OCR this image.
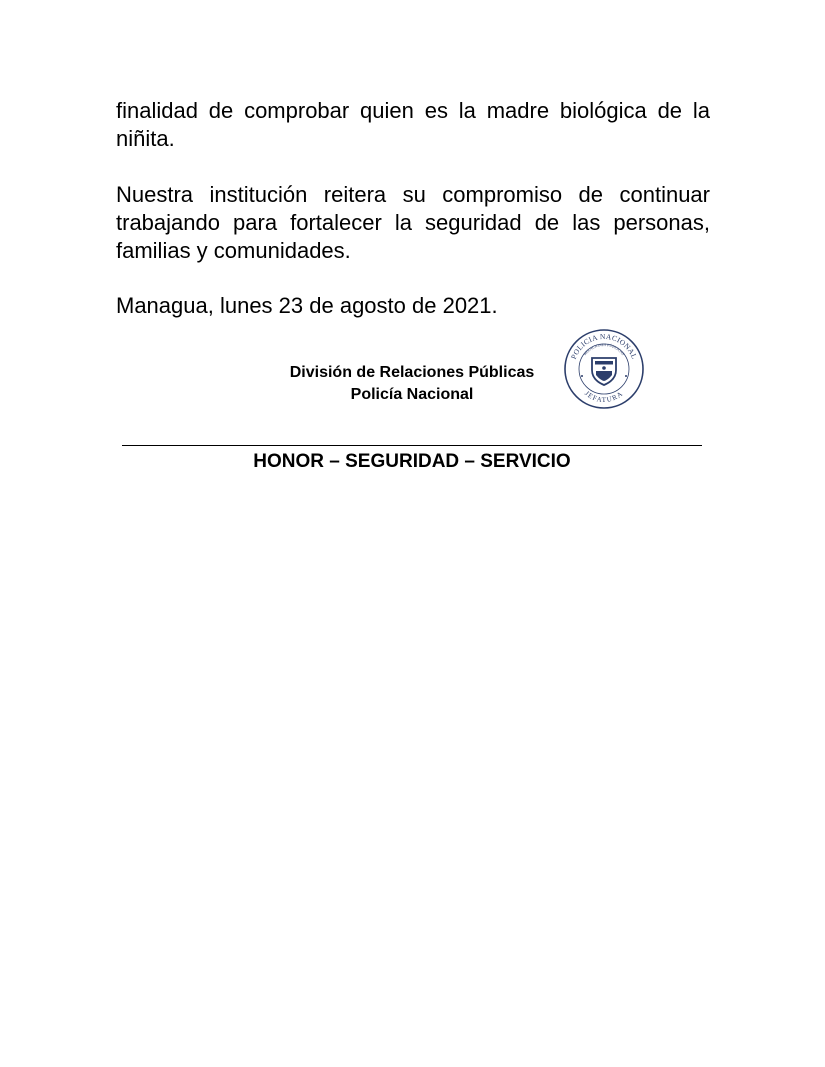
finalidad de comprobar quien es la madre biológica de la niñita.

Nuestra institución reitera su compromiso de continuar trabajando para fortalecer la seguridad de las personas, familias y comunidades.

Managua, lunes 23 de agosto de 2021.

División de Relaciones Públicas
Policía Nacional
POLICIA NACIONAL
RELACIONES PÚBLICAS
JEFATURA
HONOR – SEGURIDAD – SERVICIO
